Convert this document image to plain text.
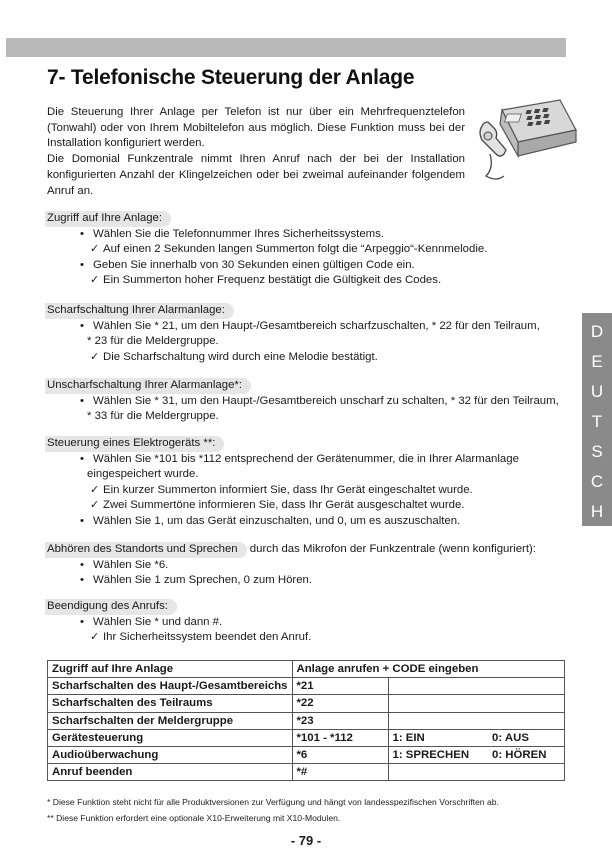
7- Telefonische Steuerung der Anlage

Die Steuerung Ihrer Anlage per Telefon ist nur über ein Mehrfrequenztelefon (Tonwahl) oder von Ihrem Mobiltelefon aus möglich. Diese Funktion muss bei der Installation konfiguriert werden.

Die Domonial Funkzentrale nimmt Ihren Anruf nach der bei der Installation konfigurierten Anzahl der Klingelzeichen oder bei zweimal aufeinander folgendem Anruf an.

D
E
U
T
S
C
H
Zugriff auf Ihre Anlage:
• Wählen Sie die Telefonnummer Ihres Sicherheitssystems.
✓ Auf einen 2 Sekunden langen Summerton folgt die “Arpeggio“-Kennmelodie.
• Geben Sie innerhalb von 30 Sekunden einen gültigen Code ein.
✓ Ein Summerton hoher Frequenz bestätigt die Gültigkeit des Codes.
Scharfschaltung Ihrer Alarmanlage:
• Wählen Sie * 21, um den Haupt-/Gesamtbereich scharfzuschalten, * 22 für den Teilraum,
* 23 für die Meldergruppe.
✓ Die Scharfschaltung wird durch eine Melodie bestätigt.
Unscharfschaltung Ihrer Alarmanlage*:
• Wählen Sie * 31, um den Haupt-/Gesamtbereich unscharf zu schalten, * 32 für den Teilraum,
* 33 für die Meldergruppe.
Steuerung eines Elektrogeräts **:
• Wählen Sie *101 bis *112 entsprechend der Gerätenummer, die in Ihrer Alarmanlage
eingespeichert wurde.
✓ Ein kurzer Summerton informiert Sie, dass Ihr Gerät eingeschaltet wurde.
✓ Zwei Summertöne informieren Sie, dass Ihr Gerät ausgeschaltet wurde.
• Wählen Sie 1, um das Gerät einzuschalten, und 0, um es auszuschalten.
Abhören des Standorts und Sprechen durch das Mikrofon der Funkzentrale (wenn konfiguriert):
• Wählen Sie *6.
• Wählen Sie 1 zum Sprechen, 0 zum Hören.
Beendigung des Anrufs:
• Wählen Sie * und dann #.
✓ Ihr Sicherheitssystem beendet den Anruf.
Zugriff auf Ihre Anlage	Anlage anrufen + CODE eingeben		
Scharfschalten des Haupt-/Gesamtbereichs	*21		
Scharfschalten des Teilraums	*22		
Scharfschalten der Meldergruppe	*23		
Gerätesteuerung	*101 - *112	1: EIN	0: AUS
Audioüberwachung	*6	1: SPRECHEN	0: HÖREN
Anruf beenden	*#		
* Diese Funktion steht nicht für alle Produktversionen zur Verfügung und hängt von landesspezifischen Vorschriften ab.
** Diese Funktion erfordert eine optionale X10-Erweiterung mit X10-Modulen.
- 79 -
